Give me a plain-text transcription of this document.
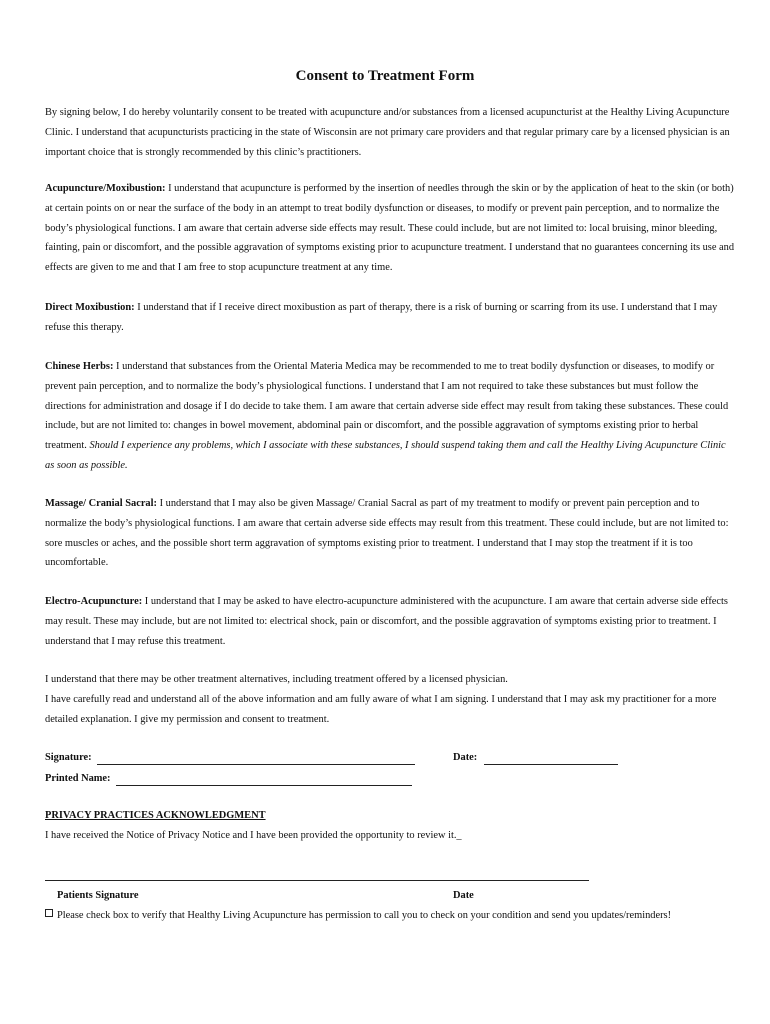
Consent to Treatment Form

By signing below, I do hereby voluntarily consent to be treated with acupuncture and/or substances from a licensed acupuncturist at the Healthy Living Acupuncture Clinic. I understand that acupuncturists practicing in the state of Wisconsin are not primary care providers and that regular primary care by a licensed physician is an important choice that is strongly recommended by this clinic’s practitioners.

Acupuncture/Moxibustion: I understand that acupuncture is performed by the insertion of needles through the skin or by the application of heat to the skin (or both) at certain points on or near the surface of the body in an attempt to treat bodily dysfunction or diseases, to modify or prevent pain perception, and to normalize the body’s physiological functions. I am aware that certain adverse side effects may result. These could include, but are not limited to: local bruising, minor bleeding, fainting, pain or discomfort, and the possible aggravation of symptoms existing prior to acupuncture treatment. I understand that no guarantees concerning its use and effects are given to me and that I am free to stop acupuncture treatment at any time.

Direct Moxibustion: I understand that if I receive direct moxibustion as part of therapy, there is a risk of burning or scarring from its use. I understand that I may refuse this therapy.

Chinese Herbs: I understand that substances from the Oriental Materia Medica may be recommended to me to treat bodily dysfunction or diseases, to modify or prevent pain perception, and to normalize the body’s physiological functions. I understand that I am not required to take these substances but must follow the directions for administration and dosage if I do decide to take them. I am aware that certain adverse side effect may result from taking these substances. These could include, but are not limited to: changes in bowel movement, abdominal pain or discomfort, and the possible aggravation of symptoms existing prior to herbal treatment. Should I experience any problems, which I associate with these substances, I should suspend taking them and call the Healthy Living Acupuncture Clinic as soon as possible.

Massage/ Cranial Sacral: I understand that I may also be given Massage/ Cranial Sacral as part of my treatment to modify or prevent pain perception and to normalize the body’s physiological functions. I am aware that certain adverse side effects may result from this treatment. These could include, but are not limited to: sore muscles or aches, and the possible short term aggravation of symptoms existing prior to treatment. I understand that I may stop the treatment if it is too uncomfortable.

Electro-Acupuncture: I understand that I may be asked to have electro-acupuncture administered with the acupuncture. I am aware that certain adverse side effects may result. These may include, but are not limited to: electrical shock, pain or discomfort, and the possible aggravation of symptoms existing prior to treatment. I understand that I may refuse this treatment.

I understand that there may be other treatment alternatives, including treatment offered by a licensed physician.

I have carefully read and understand all of the above information and am fully aware of what I am signing. I understand that I may ask my practitioner for a more detailed explanation. I give my permission and consent to treatment.

Signature:	Date:
Printed Name:
PRIVACY PRACTICES ACKNOWLEDGMENT
I have received the Notice of Privacy Notice and I have been provided the opportunity to review it._
Patients Signature	Date

Please check box to verify that Healthy Living Acupuncture has permission to call you to check on your condition and send you updates/reminders!
